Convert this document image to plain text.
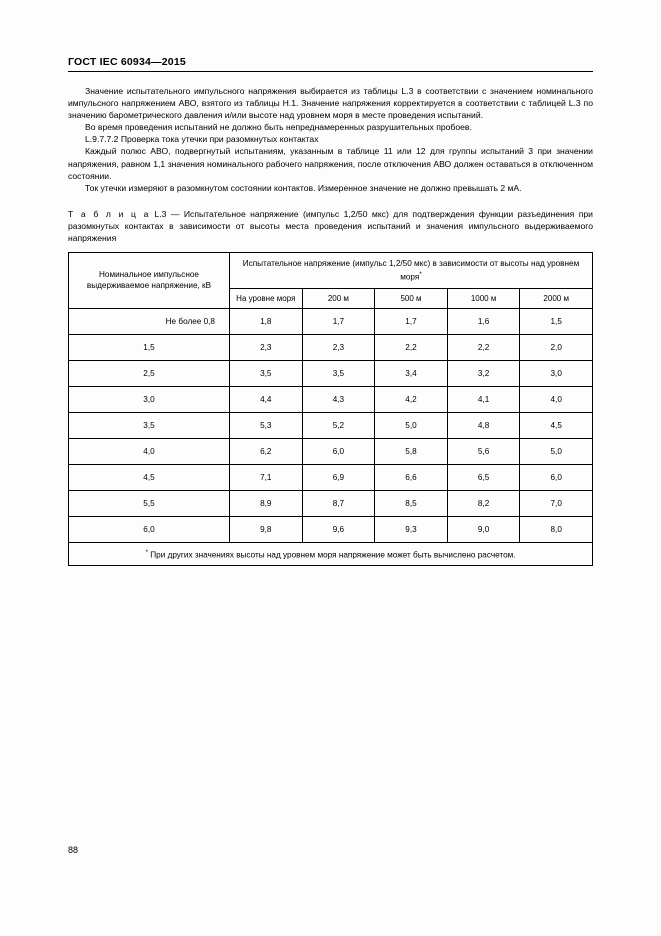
ГОСТ IEC 60934—2015

Значение испытательного импульсного напряжения выбирается из таблицы L.3 в соответствии с значением номинального импульсного напряжением АВО, взятого из таблицы H.1. Значение напряжения корректируется в соответствии с таблицей L.3 по значению барометрического давления и/или высоте над уровнем моря в месте проведения испытаний.

Во время проведения испытаний не должно быть непреднамеренных разрушительных пробоев.

L.9.7.7.2 Проверка тока утечки при разомкнутых контактах

Каждый полюс АВО, подвергнутый испытаниям, указанным в таблице 11 или 12 для группы испытаний 3 при значении напряжения, равном 1,1 значения номинального рабочего напряжения, после отключения АВО должен оставаться в отключенном состоянии.

Ток утечки измеряют в разомкнутом состоянии контактов. Измеренное значение не должно превышать 2 мА.

Т а б л и ц а L.3 — Испытательное напряжение (импульс 1,2/50 мкс) для подтверждения функции разъединения при разомкнутых контактах в зависимости от высоты места проведения испытаний и значения импульсного выдерживаемого напряжения
Номинальное импульсное выдерживаемое напряжение, кВ	Испытательное напряжение (импульс 1,2/50 мкс) в зависимости от высоты над уровнем моря*
	На уровне моря	200 м	500 м	1000 м	2000 м
Не более 0,8	1,8	1,7	1,7	1,6	1,5
1,5	2,3	2,3	2,2	2,2	2,0
2,5	3,5	3,5	3,4	3,2	3,0
3,0	4,4	4,3	4,2	4,1	4,0
3,5	5,3	5,2	5,0	4,8	4,5
4,0	6,2	6,0	5,8	5,6	5,0
4,5	7,1	6,9	6,6	6,5	6,0
5,5	8,9	8,7	8,5	8,2	7,0
6,0	9,8	9,6	9,3	9,0	8,0
* При других значениях высоты над уровнем моря напряжение может быть вычислено расчетом.					
88
